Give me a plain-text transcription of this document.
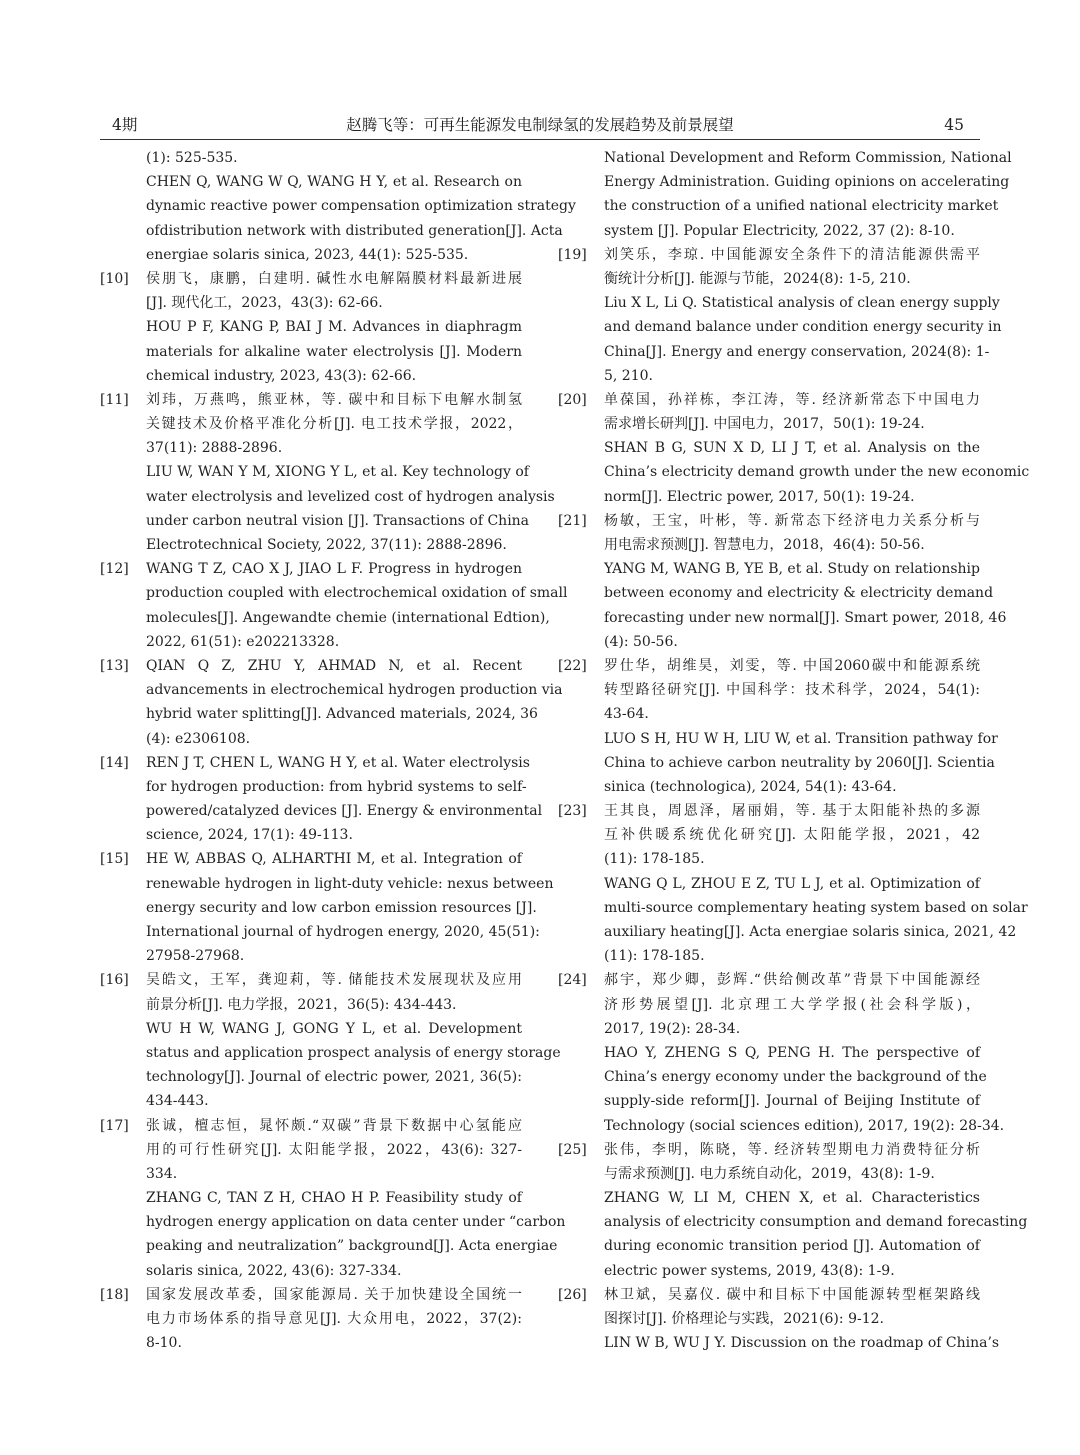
4期	赵腾飞等：可再生能源发电制绿氢的发展趋势及前景展望	45
(1): 525-535.
CHEN Q, WANG W Q, WANG H Y, et al. Research on
dynamic reactive power compensation optimization strategy
ofdistribution network with distributed generation[J]. Acta
energiae solaris sinica, 2023, 44(1): 525-535.
[10] 侯朋飞，康鹏，白建明. 碱性水电解隔膜材料最新进展
[J]. 现代化工，2023，43(3): 62-66.
HOU P F, KANG P, BAI J M. Advances in diaphragm
materials for alkaline water electrolysis [J]. Modern
chemical industry, 2023, 43(3): 62-66.
[11] 刘玮，万燕鸣，熊亚林，等. 碳中和目标下电解水制氢
关键技术及价格平准化分析[J]. 电工技术学报，2022，
37(11): 2888-2896.
LIU W, WAN Y M, XIONG Y L, et al. Key technology of
water electrolysis and levelized cost of hydrogen analysis
under carbon neutral vision [J]. Transactions of China
Electrotechnical Society, 2022, 37(11): 2888-2896.
[12] WANG T Z, CAO X J, JIAO L F. Progress in hydrogen
production coupled with electrochemical oxidation of small
molecules[J]. Angewandte chemie (international Edtion),
2022, 61(51): e202213328.
[13] QIAN Q Z, ZHU Y, AHMAD N, et al. Recent
advancements in electrochemical hydrogen production via
hybrid water splitting[J]. Advanced materials, 2024, 36
(4): e2306108.
[14] REN J T, CHEN L, WANG H Y, et al. Water electrolysis
for hydrogen production: from hybrid systems to self-
powered/catalyzed devices [J]. Energy & environmental
science, 2024, 17(1): 49-113.
[15] HE W, ABBAS Q, ALHARTHI M, et al. Integration of
renewable hydrogen in light-duty vehicle: nexus between
energy security and low carbon emission resources [J].
International journal of hydrogen energy, 2020, 45(51):
27958-27968.
[16] 吴皓文，王军，龚迎莉，等. 储能技术发展现状及应用
前景分析[J]. 电力学报，2021，36(5): 434-443.
WU H W, WANG J, GONG Y L, et al. Development
status and application prospect analysis of energy storage
technology[J]. Journal of electric power, 2021, 36(5):
434-443.
[17] 张诚，檀志恒，晁怀颇.“双碳”背景下数据中心氢能应
用的可行性研究[J]. 太阳能学报，2022，43(6): 327-
334.
ZHANG C, TAN Z H, CHAO H P. Feasibility study of
hydrogen energy application on data center under “carbon
peaking and neutralization” background[J]. Acta energiae
solaris sinica, 2022, 43(6): 327-334.
[18] 国家发展改革委，国家能源局. 关于加快建设全国统一
电力市场体系的指导意见[J]. 大众用电，2022，37(2):
8-10.
National Development and Reform Commission, National
Energy Administration. Guiding opinions on accelerating
the construction of a unified national electricity market
system [J]. Popular Electricity, 2022, 37 (2): 8-10.
[19] 刘笑乐，李琼. 中国能源安全条件下的清洁能源供需平
衡统计分析[J]. 能源与节能，2024(8): 1-5, 210.
Liu X L, Li Q. Statistical analysis of clean energy supply
and demand balance under condition energy security in
China[J]. Energy and energy conservation, 2024(8): 1-
5, 210.
[20] 单葆国，孙祥栋，李江涛，等. 经济新常态下中国电力
需求增长研判[J]. 中国电力，2017，50(1): 19-24.
SHAN B G, SUN X D, LI J T, et al. Analysis on the
China’s electricity demand growth under the new economic
norm[J]. Electric power, 2017, 50(1): 19-24.
[21] 杨敏，王宝，叶彬，等. 新常态下经济电力关系分析与
用电需求预测[J]. 智慧电力，2018，46(4): 50-56.
YANG M, WANG B, YE B, et al. Study on relationship
between economy and electricity & electricity demand
forecasting under new normal[J]. Smart power, 2018, 46
(4): 50-56.
[22] 罗仕华，胡维昊，刘雯，等. 中国2060碳中和能源系统
转型路径研究[J]. 中国科学：技术科学，2024，54(1):
43-64.
LUO S H, HU W H, LIU W, et al. Transition pathway for
China to achieve carbon neutrality by 2060[J]. Scientia
sinica (technologica), 2024, 54(1): 43-64.
[23] 王其良，周恩泽，屠丽娟，等. 基于太阳能补热的多源
互补供暖系统优化研究[J]. 太阳能学报，2021，42
(11): 178-185.
WANG Q L, ZHOU E Z, TU L J, et al. Optimization of
multi-source complementary heating system based on solar
auxiliary heating[J]. Acta energiae solaris sinica, 2021, 42
(11): 178-185.
[24] 郝宇，郑少卿，彭辉.“供给侧改革”背景下中国能源经
济形势展望[J]. 北京理工大学学报(社会科学版)，
2017, 19(2): 28-34.
HAO Y, ZHENG S Q, PENG H. The perspective of
China’s energy economy under the background of the
supply-side reform[J]. Journal of Beijing Institute of
Technology (social sciences edition), 2017, 19(2): 28-34.
[25] 张伟，李明，陈晓，等. 经济转型期电力消费特征分析
与需求预测[J]. 电力系统自动化，2019，43(8): 1-9.
ZHANG W, LI M, CHEN X, et al. Characteristics
analysis of electricity consumption and demand forecasting
during economic transition period [J]. Automation of
electric power systems, 2019, 43(8): 1-9.
[26] 林卫斌，吴嘉仪. 碳中和目标下中国能源转型框架路线
图探讨[J]. 价格理论与实践，2021(6): 9-12.
LIN W B, WU J Y. Discussion on the roadmap of China’s
